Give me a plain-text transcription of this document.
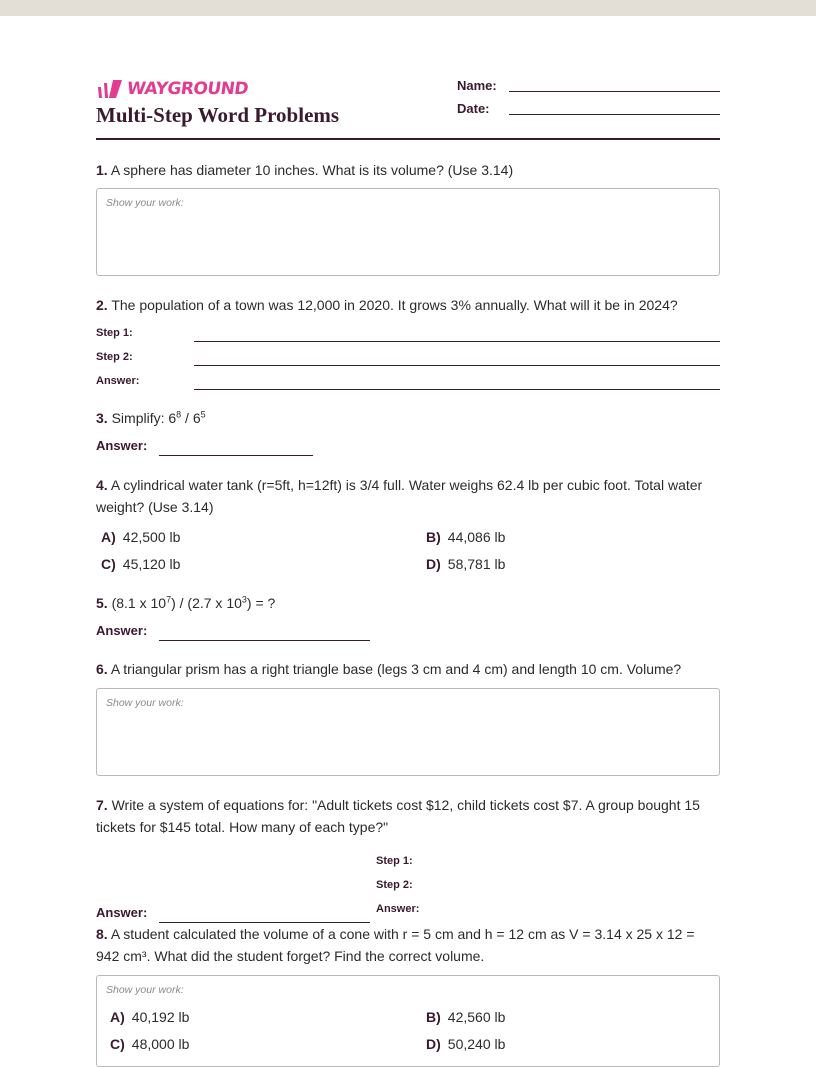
WAYGROUND
Multi-Step Word Problems
Name:
Date:
1. A sphere has diameter 10 inches. What is its volume? (Use 3.14)
Show your work:
2. The population of a town was 12,000 in 2020. It grows 3% annually. What will it be in 2024?
Step 1:
Step 2:
Answer:
3. Simplify: $6^8 / 6^5$
Answer:
4. A cylindrical water tank (r=5ft, h=12ft) is 3/4 full. Water weighs 62.4 lb per cubic foot. Total water weight? (Use 3.14)
A) 42,500 lb	B) 44,086 lb
C) 45,120 lb	D) 58,781 lb
5. (8.1 x $10^7) / (2.7$ x $10^3$) = ?
Answer:
6. A triangular prism has a right triangle base (legs 3 cm and 4 cm) and length 10 cm. Volume?
Show your work:
7. Write a system of equations for: "Adult tickets cost $12, child tickets cost $7. A group bought 15 tickets for $145 total. How many of each type?"
Step 1:
Step 2:
Answer:
Answer:
8. A student calculated the volume of a cone with r = 5 cm and h = 12 cm as V = 3.14 x 25 x 12 = 942 cm³. What did the student forget? Find the correct volume.
Show your work:
A) 40,192 lb	B) 42,560 lb
C) 48,000 lb	D) 50,240 lb
